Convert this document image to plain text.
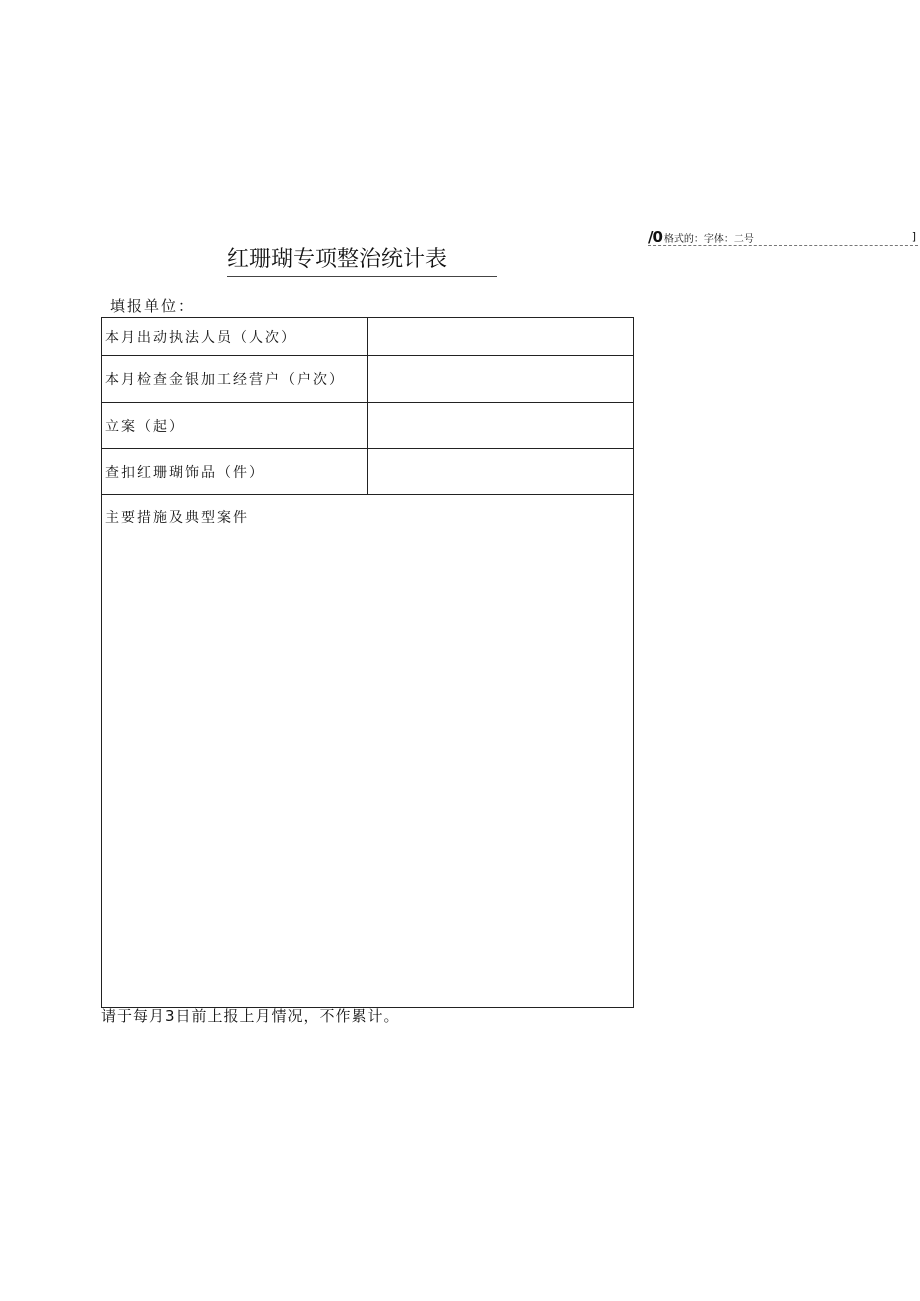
/0 格式的：字体：二号	]
红珊瑚专项整治统计表
填报单位：
本月出动执法人员（人次）	
本月检查金银加工经营户（户次）	
立案（起）	
查扣红珊瑚饰品（件）	

主要措施及典型案件	
请于每月3日前上报上月情况，不作累计。
